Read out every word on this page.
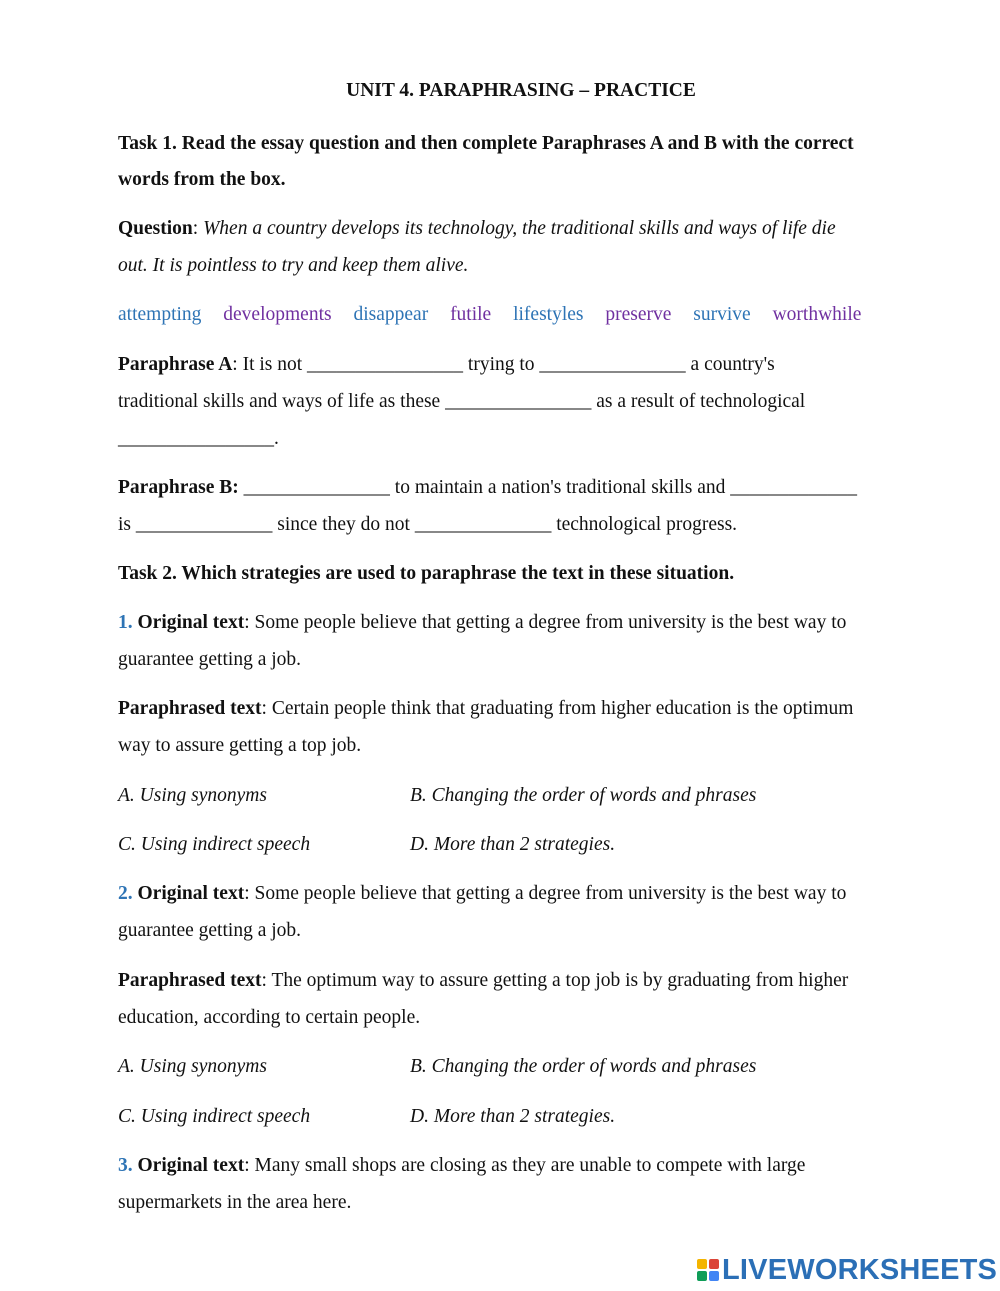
UNIT 4. PARAPHRASING – PRACTICE
Task 1. Read the essay question and then complete Paraphrases A and B with the correct
words from the box.
Question: When a country develops its technology, the traditional skills and ways of life die
out. It is pointless to try and keep them alive.
attempting developments disappear futile lifestyles preserve survive worthwhile
Paraphrase A: It is not ________________ trying to _______________ a country's
traditional skills and ways of life as these _______________ as a result of technological
________________.
Paraphrase B: _______________ to maintain a nation's traditional skills and _____________
is ______________ since they do not ______________ technological progress.
Task 2. Which strategies are used to paraphrase the text in these situation.
1. Original text: Some people believe that getting a degree from university is the best way to
guarantee getting a job.
Paraphrased text: Certain people think that graduating from higher education is the optimum
way to assure getting a top job.
A. Using synonyms	B. Changing the order of words and phrases
C. Using indirect speech	D. More than 2 strategies.
2. Original text: Some people believe that getting a degree from university is the best way to
guarantee getting a job.
Paraphrased text: The optimum way to assure getting a top job is by graduating from higher
education, according to certain people.
A. Using synonyms	B. Changing the order of words and phrases
C. Using indirect speech	D. More than 2 strategies.
3. Original text: Many small shops are closing as they are unable to compete with large
supermarkets in the area here.
LIVEWORKSHEETS
